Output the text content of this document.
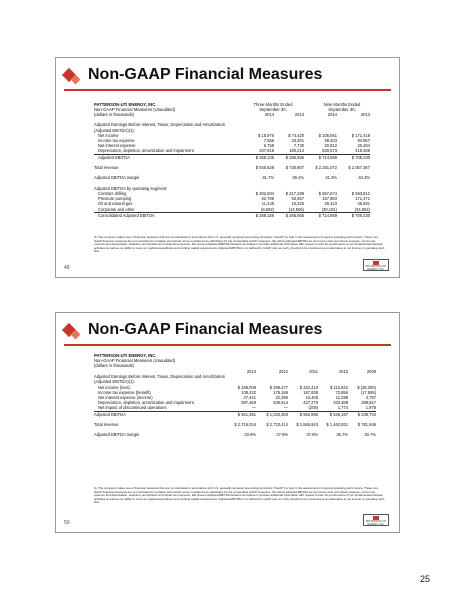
Non-GAAP Financial Measures
PATTERSON-UTI ENERGY, INC.
Non-GAAP Financial Measures (Unaudited)
(dollars in thousands)
Three Months Ended
September 30,
Nine Months Ended
September 30,
	2014	2013	2014	2013

Adjusted Earnings Before Interest, Taxes, Depreciation and Amortization				
(Adjusted EBITDA)(1):				
Net income	$ 15,976	$ 74,420	$ 105,061	$ 171,418
Income tax expense	7,556	43,301	59,403	94,957
Net interest expense	6,759	7,730	20,812	20,494
Depreciation, depletion, amortization and impairment	237,815	160,214	530,573	418,485
Adjusted EBITDA	$ 268,106	$ 285,665	$ 714,869	$ 705,330

Total revenue	$ 845,628	$ 730,907	$ 2,281,072	$ 2,057,367

Adjusted EBITDA margin	31.7%	39.1%	31.3%	34.3%

Adjusted EBITDA by operating segment:				
Contract drilling	$ 202,604	$ 217,289	$ 557,674	$ 593,812
Pressure pumping	62,795	50,657	157,963	171,471
Oil and natural gas	11,449	10,225	29,423	36,591
Corporate and other	(8,692)	(12,506)	(30,191)	(34,854)
Consolidated Adjusted EBITDA	$ 268,156	$ 265,665	$ 714,869	$ 705,330
(1) The company makes use of financial measures that are not calculated in accordance with U.S. generally accepted accounting principles ("GAAP") to help in the assessment of ongoing operating performance. These non-GAAP financial measures are not considered in isolation and should not be considered as substitutes for the comparable GAAP measures. We define Adjusted EBITDA as net income plus net interest expense, income tax expense and depreciation, depletion, amortization and impairment expense. We present Adjusted EBITDA because we believe it provides additional information with respect to both the performance of our fundamental business activities as well as our ability to meet our capital expenditures and working capital requirements. Adjusted EBITDA is not defined by GAAP and, as such, should not be construed as an alternative to net income or operating cash flow.
49	PATTERSON-UTI ENERGY, INC.
Non-GAAP Financial Measures
PATTERSON-UTI ENERGY, INC.
Non-GAAP Financial Measures (Unaudited)
(dollars in thousands)
	2013	2012	2011	2010	2009
Adjusted Earnings Before Interest, Taxes, Depreciation and Amortization					
(Adjusted EBITDA)(1):					
Net income (loss)	$ 188,009	$ 298,477	$ 322,413	$ 116,842	$ (38,250)
Income tax expense (benefit)	108,432	176,186	187,938	72,856	(17,595)
Net interest expense (income)	27,441	22,396	15,465	11,098	3,767
Depreciation, depletion, amortization and impairment	597,469	536,614	437,279	333,488	289,847
Net impact of discontinued operations	—	—	(208)	1,774	1,978
Adjusted EBITDA	$ 921,351	$ 1,033,483	$ 962,886	$ 536,167	$ 239,704

Total revenue	$ 2,716,034	$ 2,723,414	$ 2,565,943	$ 1,462,931	$ 781,946

Adjusted EBITDA margin	33.9%	37.9%	37.5%	36.7%	30.7%
(1) The company makes use of financial measures that are not calculated in accordance with U.S. generally accepted accounting principles ("GAAP") to help in the assessment of ongoing operating performance. These non-GAAP financial measures are not considered in isolation and should not be considered as substitutes for the comparable GAAP measures. We define Adjusted EBITDA as net income plus net interest expense, income tax expense and depreciation, depletion, amortization and impairment expense. We present Adjusted EBITDA because we believe it provides additional information with respect to both the performance of our fundamental business activities as well as our ability to meet our capital expenditures and working capital requirements. Adjusted EBITDA is not defined by GAAP and, as such, should not be construed as an alternative to net income or operating cash flow.
50	PATTERSON-UTI ENERGY, INC.
25
